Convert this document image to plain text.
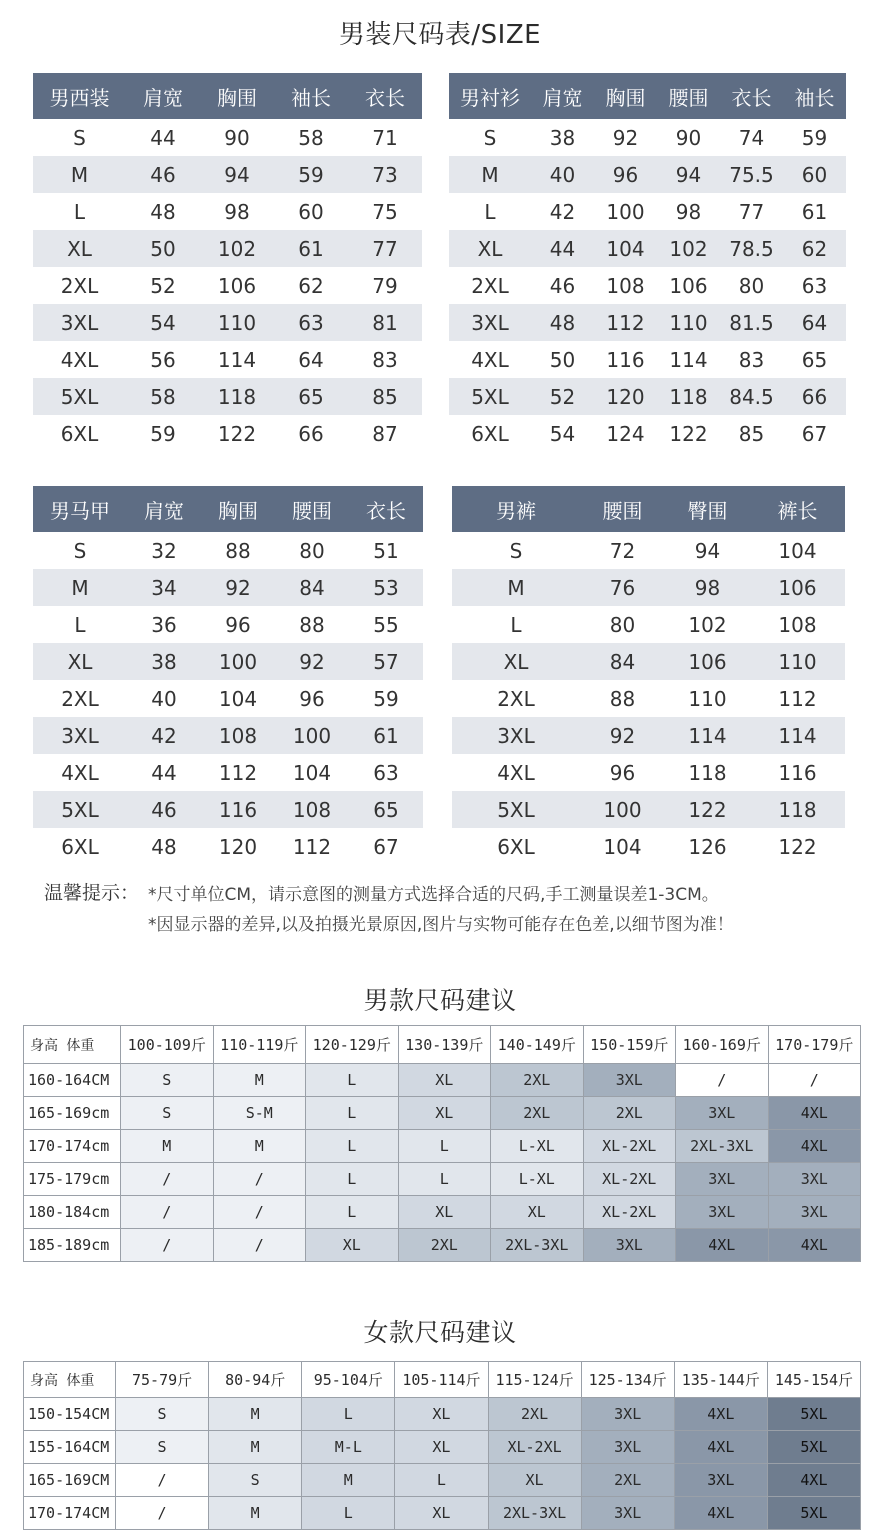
男装尺码表/SIZE
男西装	肩宽	胸围	袖长	衣长
S	44	90	58	71
M	46	94	59	73
L	48	98	60	75
XL	50	102	61	77
2XL	52	106	62	79
3XL	54	110	63	81
4XL	56	114	64	83
5XL	58	118	65	85
6XL	59	122	66	87
男衬衫	肩宽	胸围	腰围	衣长	袖长
S	38	92	90	74	59
M	40	96	94	75.5	60
L	42	100	98	77	61
XL	44	104	102	78.5	62
2XL	46	108	106	80	63
3XL	48	112	110	81.5	64
4XL	50	116	114	83	65
5XL	52	120	118	84.5	66
6XL	54	124	122	85	67
男马甲	肩宽	胸围	腰围	衣长
S	32	88	80	51
M	34	92	84	53
L	36	96	88	55
XL	38	100	92	57
2XL	40	104	96	59
3XL	42	108	100	61
4XL	44	112	104	63
5XL	46	116	108	65
6XL	48	120	112	67
男裤	腰围	臀围	裤长
S	72	94	104
M	76	98	106
L	80	102	108
XL	84	106	110
2XL	88	110	112
3XL	92	114	114
4XL	96	118	116
5XL	100	122	118
6XL	104	126	122
温馨提示： *尺寸单位CM，请示意图的测量方式选择合适的尺码,手工测量误差1-3CM。
*因显示器的差异,以及拍摄光景原因,图片与实物可能存在色差,以细节图为准！
男款尺码建议
身高 体重	100-109斤	110-119斤	120-129斤	130-139斤	140-149斤	150-159斤	160-169斤	170-179斤
160-164CM	S	M	L	XL	2XL	3XL	/	/
165-169cm	S	S-M	L	XL	2XL	2XL	3XL	4XL
170-174cm	M	M	L	L	L-XL	XL-2XL	2XL-3XL	4XL
175-179cm	/	/	L	L	L-XL	XL-2XL	3XL	3XL
180-184cm	/	/	L	XL	XL	XL-2XL	3XL	3XL
185-189cm	/	/	XL	2XL	2XL-3XL	3XL	4XL	4XL
女款尺码建议
身高 体重	75-79斤	80-94斤	95-104斤	105-114斤	115-124斤	125-134斤	135-144斤	145-154斤
150-154CM	S	M	L	XL	2XL	3XL	4XL	5XL
155-164CM	S	M	M-L	XL	XL-2XL	3XL	4XL	5XL
165-169CM	/	S	M	L	XL	2XL	3XL	4XL
170-174CM	/	M	L	XL	2XL-3XL	3XL	4XL	5XL
